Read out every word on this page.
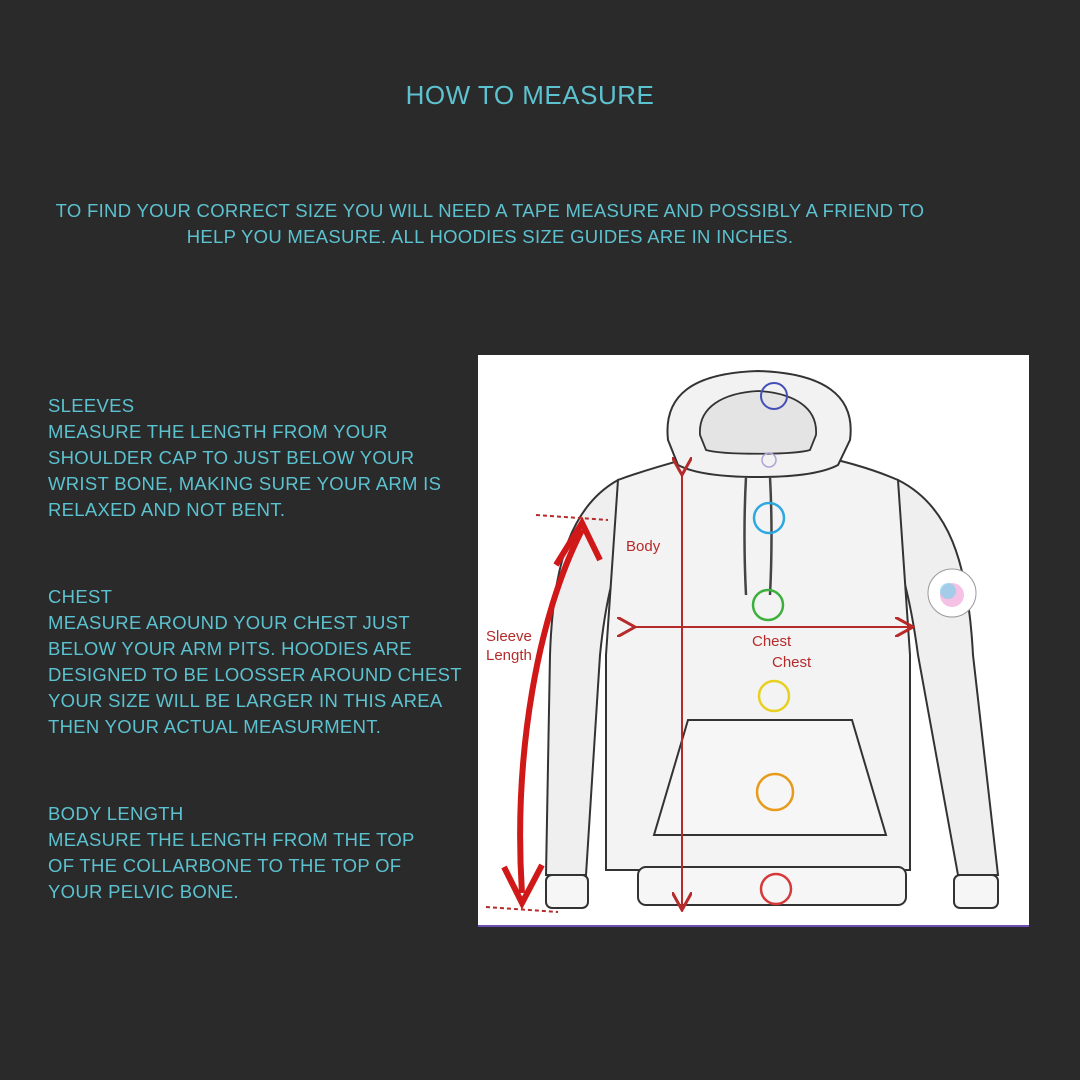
HOW TO MEASURE
TO FIND YOUR CORRECT SIZE YOU WILL NEED A TAPE MEASURE AND POSSIBLY A FRIEND TO HELP YOU MEASURE. ALL HOODIES SIZE GUIDES ARE IN INCHES.
SLEEVES
MEASURE THE LENGTH FROM YOUR
SHOULDER CAP TO JUST BELOW YOUR
WRIST BONE, MAKING SURE YOUR ARM IS
RELAXED AND NOT BENT.
CHEST
MEASURE AROUND YOUR CHEST JUST
BELOW YOUR ARM PITS. HOODIES ARE
DESIGNED TO BE LOOSSER AROUND CHEST
YOUR SIZE WILL BE LARGER IN THIS AREA
THEN YOUR ACTUAL MEASURMENT.
BODY LENGTH
MEASURE THE LENGTH FROM THE TOP
OF THE COLLARBONE TO THE TOP OF
YOUR PELVIC BONE.
Body
Sleeve
Length
Chest
Chest
